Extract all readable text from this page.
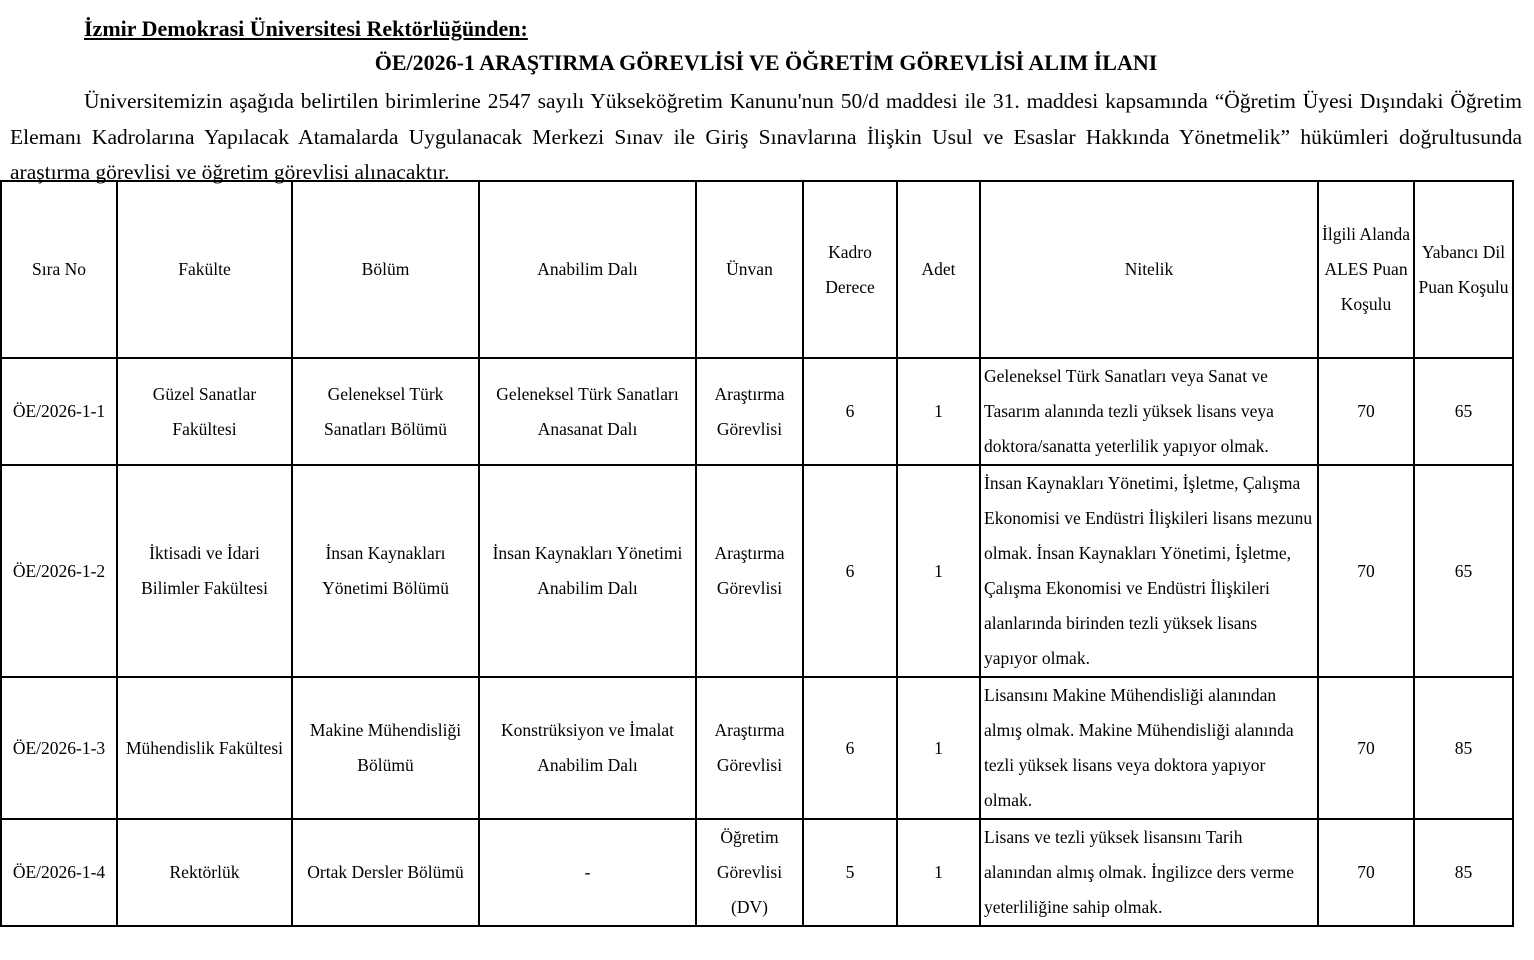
İzmir Demokrasi Üniversitesi Rektörlüğünden:
ÖE/2026-1 ARAŞTIRMA GÖREVLİSİ VE ÖĞRETİM GÖREVLİSİ ALIM İLANI

Üniversitemizin aşağıda belirtilen birimlerine 2547 sayılı Yükseköğretim Kanunu'nun 50/d maddesi ile 31. maddesi kapsamında “Öğretim Üyesi Dışındaki Öğretim Elemanı Kadrolarına Yapılacak Atamalarda Uygulanacak Merkezi Sınav ile Giriş Sınavlarına İlişkin Usul ve Esaslar Hakkında Yönetmelik” hükümleri doğrultusunda araştırma görevlisi ve öğretim görevlisi alınacaktır.

Sıra No	Fakülte	Bölüm	Anabilim Dalı	Ünvan	Kadro Derece	Adet	Nitelik	İlgili Alanda ALES Puan Koşulu	Yabancı Dil Puan Koşulu
ÖE/2026-1-1	Güzel Sanatlar Fakültesi	Geleneksel Türk Sanatları Bölümü	Geleneksel Türk Sanatları Anasanat Dalı	Araştırma Görevlisi	6	1	Geleneksel Türk Sanatları veya Sanat ve Tasarım alanında tezli yüksek lisans veya doktora/sanatta yeterlilik yapıyor olmak.	70	65
ÖE/2026-1-2	İktisadi ve İdari Bilimler Fakültesi	İnsan Kaynakları Yönetimi Bölümü	İnsan Kaynakları Yönetimi Anabilim Dalı	Araştırma Görevlisi	6	1	İnsan Kaynakları Yönetimi, İşletme, Çalışma Ekonomisi ve Endüstri İlişkileri lisans mezunu olmak. İnsan Kaynakları Yönetimi, İşletme, Çalışma Ekonomisi ve Endüstri İlişkileri alanlarında birinden tezli yüksek lisans yapıyor olmak.	70	65
ÖE/2026-1-3	Mühendislik Fakültesi	Makine Mühendisliği Bölümü	Konstrüksiyon ve İmalat Anabilim Dalı	Araştırma Görevlisi	6	1	Lisansını Makine Mühendisliği alanından almış olmak. Makine Mühendisliği alanında tezli yüksek lisans veya doktora yapıyor olmak.	70	85
ÖE/2026-1-4	Rektörlük	Ortak Dersler Bölümü	-	Öğretim Görevlisi (DV)	5	1	Lisans ve tezli yüksek lisansını Tarih alanından almış olmak. İngilizce ders verme yeterliliğine sahip olmak.	70	85
